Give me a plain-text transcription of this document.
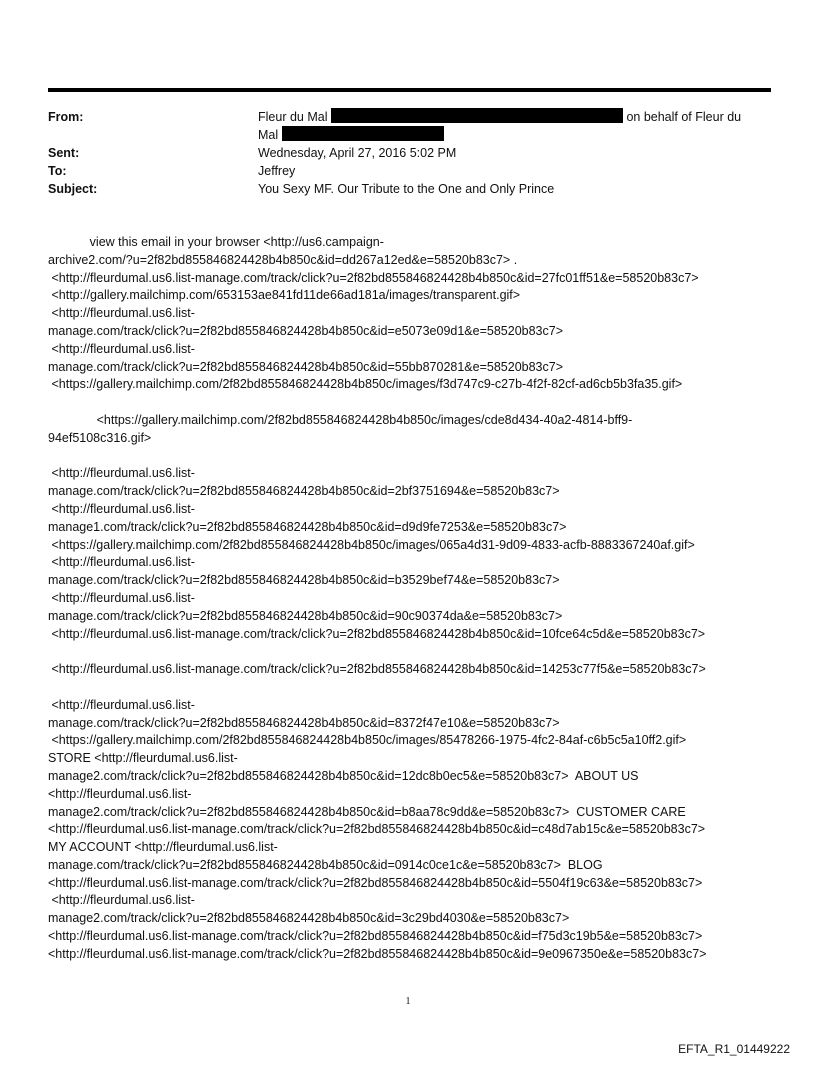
From:	Fleur du Mal	on behalf of Fleur du
Mal
Sent:	Wednesday, April 27, 2016 5:02 PM
To:	Jeffrey
Subject:	You Sexy MF. Our Tribute to the One and Only Prince
view this email in your browser <http://us6.campaign-
archive2.com/?u=2f82bd855846824428b4b850c&id=dd267a12ed&e=58520b83c7> .
<http://fleurdumal.us6.list-manage.com/track/click?u=2f82bd855846824428b4b850c&id=27fc01ff51&e=58520b83c7>
<http://gallery.mailchimp.com/653153ae841fd11de66ad181a/images/transparent.gif>
<http://fleurdumal.us6.list-
manage.com/track/click?u=2f82bd855846824428b4b850c&id=e5073e09d1&e=58520b83c7>
<http://fleurdumal.us6.list-
manage.com/track/click?u=2f82bd855846824428b4b850c&id=55bb870281&e=58520b83c7>
<https://gallery.mailchimp.com/2f82bd855846824428b4b850c/images/f3d747c9-c27b-4f2f-82cf-ad6cb5b3fa35.gif>
<https://gallery.mailchimp.com/2f82bd855846824428b4b850c/images/cde8d434-40a2-4814-bff9-
94ef5108c316.gif>
<http://fleurdumal.us6.list-
manage.com/track/click?u=2f82bd855846824428b4b850c&id=2bf3751694&e=58520b83c7>
<http://fleurdumal.us6.list-
manage1.com/track/click?u=2f82bd855846824428b4b850c&id=d9d9fe7253&e=58520b83c7>
<https://gallery.mailchimp.com/2f82bd855846824428b4b850c/images/065a4d31-9d09-4833-acfb-8883367240af.gif>
<http://fleurdumal.us6.list-
manage.com/track/click?u=2f82bd855846824428b4b850c&id=b3529bef74&e=58520b83c7>
<http://fleurdumal.us6.list-
manage.com/track/click?u=2f82bd855846824428b4b850c&id=90c90374da&e=58520b83c7>
<http://fleurdumal.us6.list-manage.com/track/click?u=2f82bd855846824428b4b850c&id=10fce64c5d&e=58520b83c7>
<http://fleurdumal.us6.list-manage.com/track/click?u=2f82bd855846824428b4b850c&id=14253c77f5&e=58520b83c7>
<http://fleurdumal.us6.list-
manage.com/track/click?u=2f82bd855846824428b4b850c&id=8372f47e10&e=58520b83c7>
<https://gallery.mailchimp.com/2f82bd855846824428b4b850c/images/85478266-1975-4fc2-84af-c6b5c5a10ff2.gif>
STORE <http://fleurdumal.us6.list-
manage2.com/track/click?u=2f82bd855846824428b4b850c&id=12dc8b0ec5&e=58520b83c7>  ABOUT US
<http://fleurdumal.us6.list-
manage2.com/track/click?u=2f82bd855846824428b4b850c&id=b8aa78c9dd&e=58520b83c7>  CUSTOMER CARE
<http://fleurdumal.us6.list-manage.com/track/click?u=2f82bd855846824428b4b850c&id=c48d7ab15c&e=58520b83c7>
MY ACCOUNT <http://fleurdumal.us6.list-
manage.com/track/click?u=2f82bd855846824428b4b850c&id=0914c0ce1c&e=58520b83c7>  BLOG
<http://fleurdumal.us6.list-manage.com/track/click?u=2f82bd855846824428b4b850c&id=5504f19c63&e=58520b83c7>
<http://fleurdumal.us6.list-
manage2.com/track/click?u=2f82bd855846824428b4b850c&id=3c29bd4030&e=58520b83c7>
<http://fleurdumal.us6.list-manage.com/track/click?u=2f82bd855846824428b4b850c&id=f75d3c19b5&e=58520b83c7>
<http://fleurdumal.us6.list-manage.com/track/click?u=2f82bd855846824428b4b850c&id=9e0967350e&e=58520b83c7>
1
EFTA_R1_01449222
